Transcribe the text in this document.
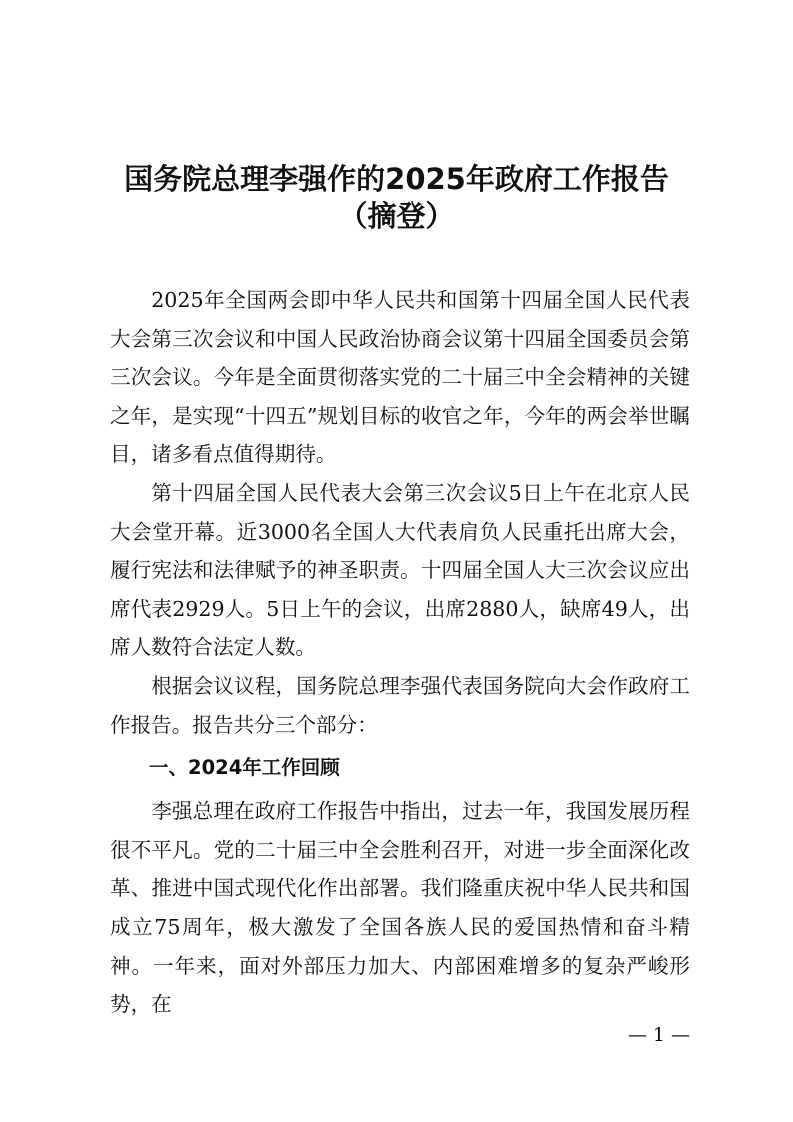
国务院总理李强作的2025年政府工作报告
（摘登）

2025年全国两会即中华人民共和国第十四届全国人民代表大会第三次会议和中国人民政治协商会议第十四届全国委员会第三次会议。今年是全面贯彻落实党的二十届三中全会精神的关键之年，是实现“十四五”规划目标的收官之年，今年的两会举世瞩目，诸多看点值得期待。

第十四届全国人民代表大会第三次会议5日上午在北京人民大会堂开幕。近3000名全国人大代表肩负人民重托出席大会，履行宪法和法律赋予的神圣职责。十四届全国人大三次会议应出席代表2929人。5日上午的会议，出席2880人，缺席49人，出席人数符合法定人数。

根据会议议程，国务院总理李强代表国务院向大会作政府工作报告。报告共分三个部分：

一、2024年工作回顾

李强总理在政府工作报告中指出，过去一年，我国发展历程很不平凡。党的二十届三中全会胜利召开，对进一步全面深化改革、推进中国式现代化作出部署。我们隆重庆祝中华人民共和国成立75周年，极大激发了全国各族人民的爱国热情和奋斗精神。一年来，面对外部压力加大、内部困难增多的复杂严峻形势，在

— 1 —
